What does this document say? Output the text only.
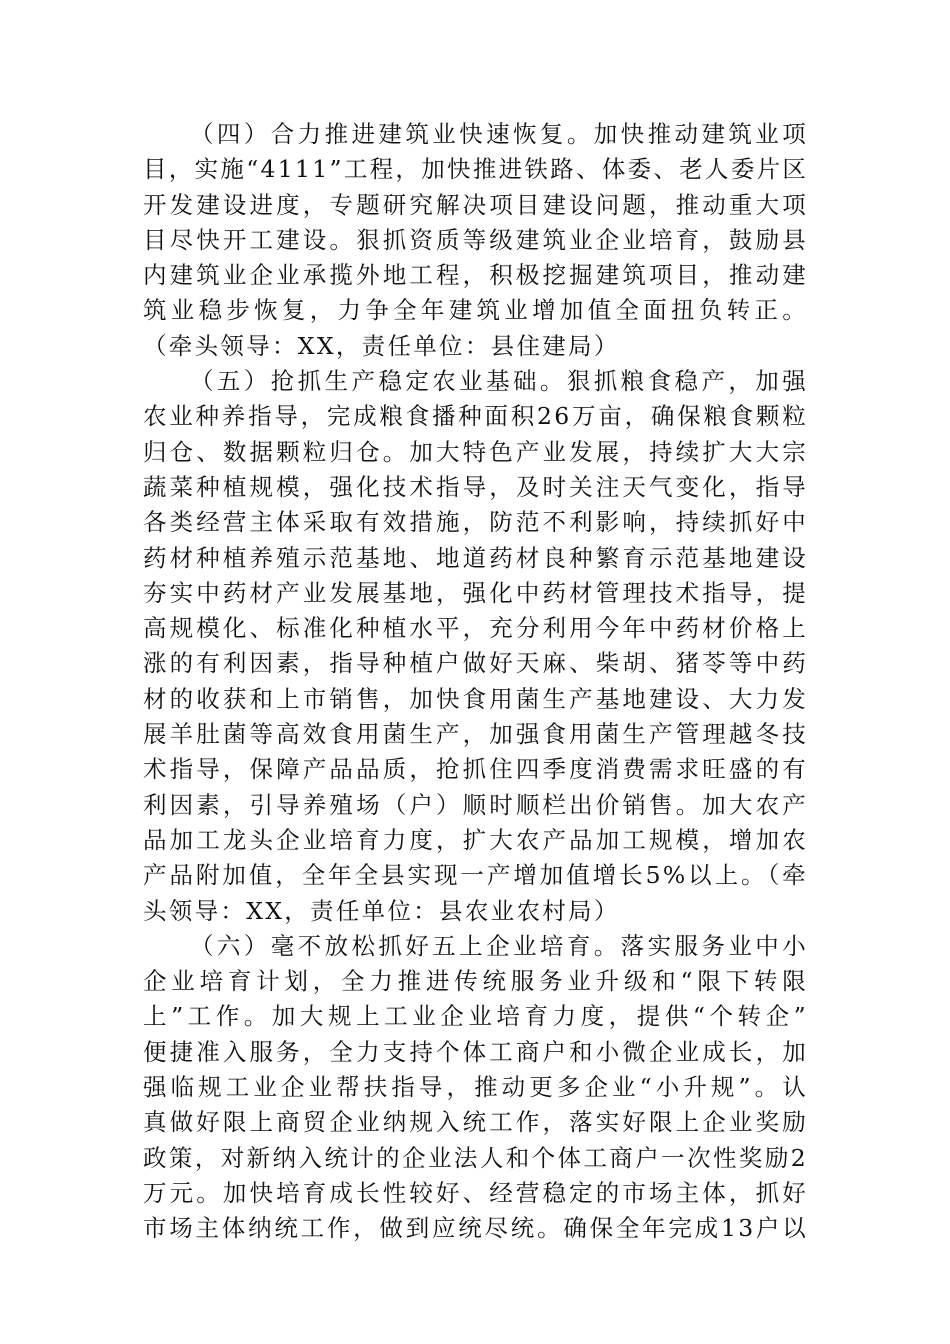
（四）合力推进建筑业快速恢复。加快推动建筑业项
目，实施“4111”工程，加快推进铁路、体委、老人委片区
开发建设进度，专题研究解决项目建设问题，推动重大项
目尽快开工建设。狠抓资质等级建筑业企业培育，鼓励县
内建筑业企业承揽外地工程，积极挖掘建筑项目，推动建
筑业稳步恢复，力争全年建筑业增加值全面扭负转正。
（牵头领导：XX，责任单位：县住建局）
（五）抢抓生产稳定农业基础。狠抓粮食稳产，加强
农业种养指导，完成粮食播种面积26万亩，确保粮食颗粒
归仓、数据颗粒归仓。加大特色产业发展，持续扩大大宗
蔬菜种植规模，强化技术指导，及时关注天气变化，指导
各类经营主体采取有效措施，防范不利影响，持续抓好中
药材种植养殖示范基地、地道药材良种繁育示范基地建设
夯实中药材产业发展基地，强化中药材管理技术指导，提
高规模化、标准化种植水平，充分利用今年中药材价格上
涨的有利因素，指导种植户做好天麻、柴胡、猪苓等中药
材的收获和上市销售，加快食用菌生产基地建设、大力发
展羊肚菌等高效食用菌生产，加强食用菌生产管理越冬技
术指导，保障产品品质，抢抓住四季度消费需求旺盛的有
利因素，引导养殖场（户）顺时顺栏出价销售。加大农产
品加工龙头企业培育力度，扩大农产品加工规模，增加农
产品附加值，全年全县实现一产增加值增长5%以上。（牵
头领导：XX，责任单位：县农业农村局）
（六）毫不放松抓好五上企业培育。落实服务业中小
企业培育计划，全力推进传统服务业升级和“限下转限
上”工作。加大规上工业企业培育力度，提供“个转企”
便捷准入服务，全力支持个体工商户和小微企业成长，加
强临规工业企业帮扶指导，推动更多企业“小升规”。认
真做好限上商贸企业纳规入统工作，落实好限上企业奖励
政策，对新纳入统计的企业法人和个体工商户一次性奖励2
万元。加快培育成长性较好、经营稳定的市场主体，抓好
市场主体纳统工作，做到应统尽统。确保全年完成13户以
